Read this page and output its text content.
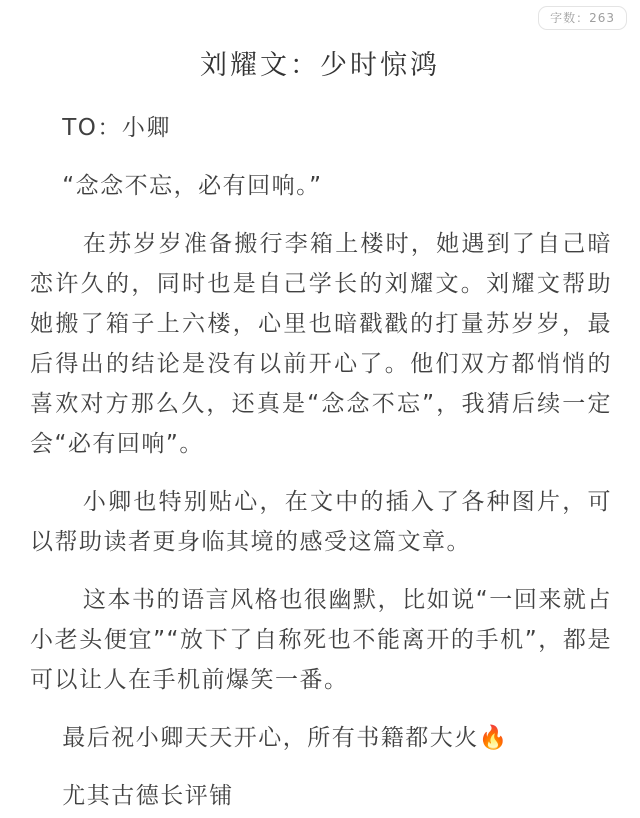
字数：263
刘耀文：少时惊鸿

TO：小卿

“念念不忘，必有回响。”

在苏岁岁准备搬行李箱上楼时，她遇到了自己暗恋许久的，同时也是自己学长的刘耀文。刘耀文帮助她搬了箱子上六楼，心里也暗戳戳的打量苏岁岁，最后得出的结论是没有以前开心了。他们双方都悄悄的喜欢对方那么久，还真是“念念不忘”，我猜后续一定会“必有回响”。

小卿也特别贴心，在文中的插入了各种图片，可以帮助读者更身临其境的感受这篇文章。

这本书的语言风格也很幽默，比如说“一回来就占小老头便宜”“放下了自称死也不能离开的手机”，都是可以让人在手机前爆笑一番。

最后祝小卿天天开心，所有书籍都大火🔥

尤其古德长评铺
